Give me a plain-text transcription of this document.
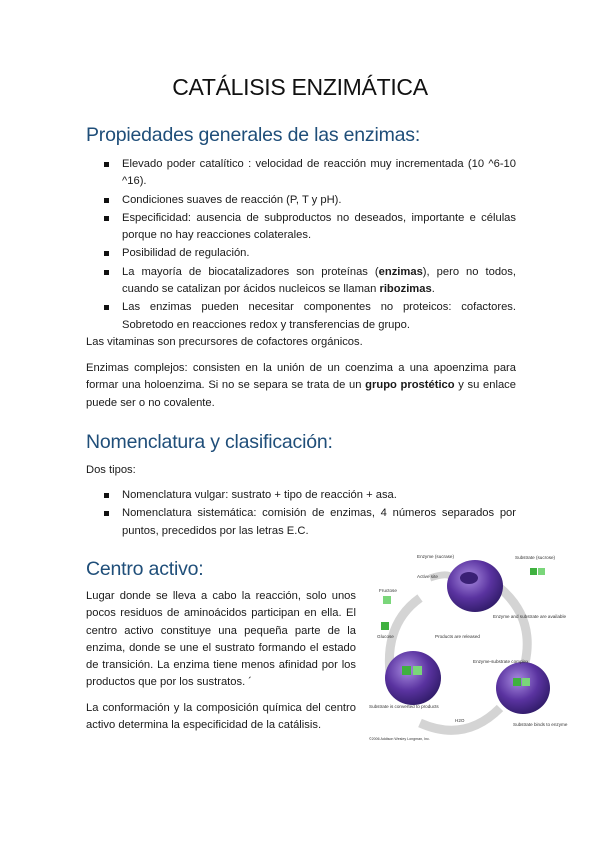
CATÁLISIS ENZIMÁTICA
Propiedades generales de las enzimas:
Elevado poder catalítico : velocidad de reacción muy incrementada (10 ^6-10 ^16).
Condiciones suaves de reacción (P, T y pH).
Especificidad: ausencia de subproductos no deseados, importante e células porque no hay reacciones colaterales.
Posibilidad de regulación.
La mayoría de biocatalizadores son proteínas (enzimas), pero no todos, cuando se catalizan por ácidos nucleicos se llaman ribozimas.
Las enzimas pueden necesitar componentes no proteicos: cofactores. Sobretodo en reacciones redox y transferencias de grupo.
Las vitaminas son precursores de cofactores orgánicos.
Enzimas complejos: consisten en la unión de un coenzima a una apoenzima para formar una holoenzima. Si no se separa se trata de un grupo prostético y su enlace puede ser o no covalente.
Nomenclatura y clasificación:
Dos tipos:
Nomenclatura vulgar: sustrato + tipo de reacción + asa.
Nomenclatura sistemática: comisión de enzimas, 4 números separados por puntos, precedidos por las letras E.C.
Centro activo:
Lugar donde se lleva a cabo la reacción, solo unos pocos residuos de aminoácidos participan en ella. El centro activo constituye una pequeña parte de la enzima, donde se une el sustrato formando el estado de transición. La enzima tiene menos afinidad por los productos que por los sustratos. ´
La conformación y la composición química del centro activo determina la especificidad de la catálisis.
Enzyme (sucrase)
Active site
Substrate (sucrose)
Fructose
Glucose
Enzyme and substrate are available
Products are released
Enzyme-substrate complex
Substrate is converted to products
Substrate binds to enzyme
H2O
©2006 Addison Wesley Longman, Inc.
